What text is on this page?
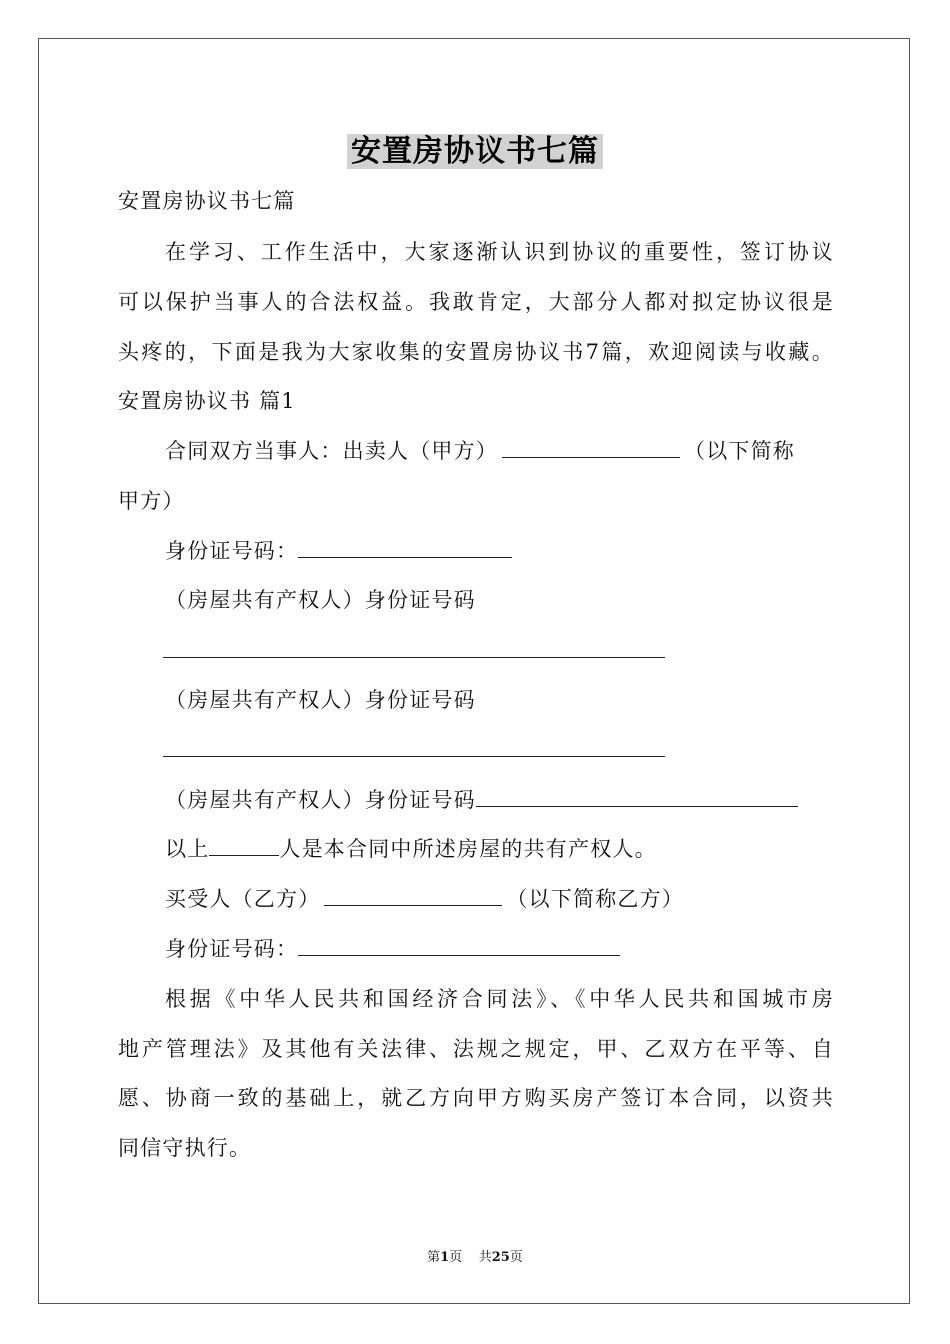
安置房协议书七篇
安置房协议书七篇
在学习、工作生活中，大家逐渐认识到协议的重要性，签订协议
可以保护当事人的合法权益。我敢肯定，大部分人都对拟定协议很是
头疼的，下面是我为大家收集的安置房协议书7篇，欢迎阅读与收藏。
安置房协议书 篇1
合同双方当事人：出卖人（甲方）	（以下简称
甲方）
身份证号码：
（房屋共有产权人）身份证号码
（房屋共有产权人）身份证号码
（房屋共有产权人）身份证号码
以上	人是本合同中所述房屋的共有产权人。
买受人（乙方）	（以下简称乙方）
身份证号码：
根据《中华人民共和国经济合同法》、《中华人民共和国城市房
地产管理法》及其他有关法律、法规之规定，甲、乙双方在平等、自
愿、协商一致的基础上，就乙方向甲方购买房产签订本合同，以资共
同信守执行。
第1页 共25页
